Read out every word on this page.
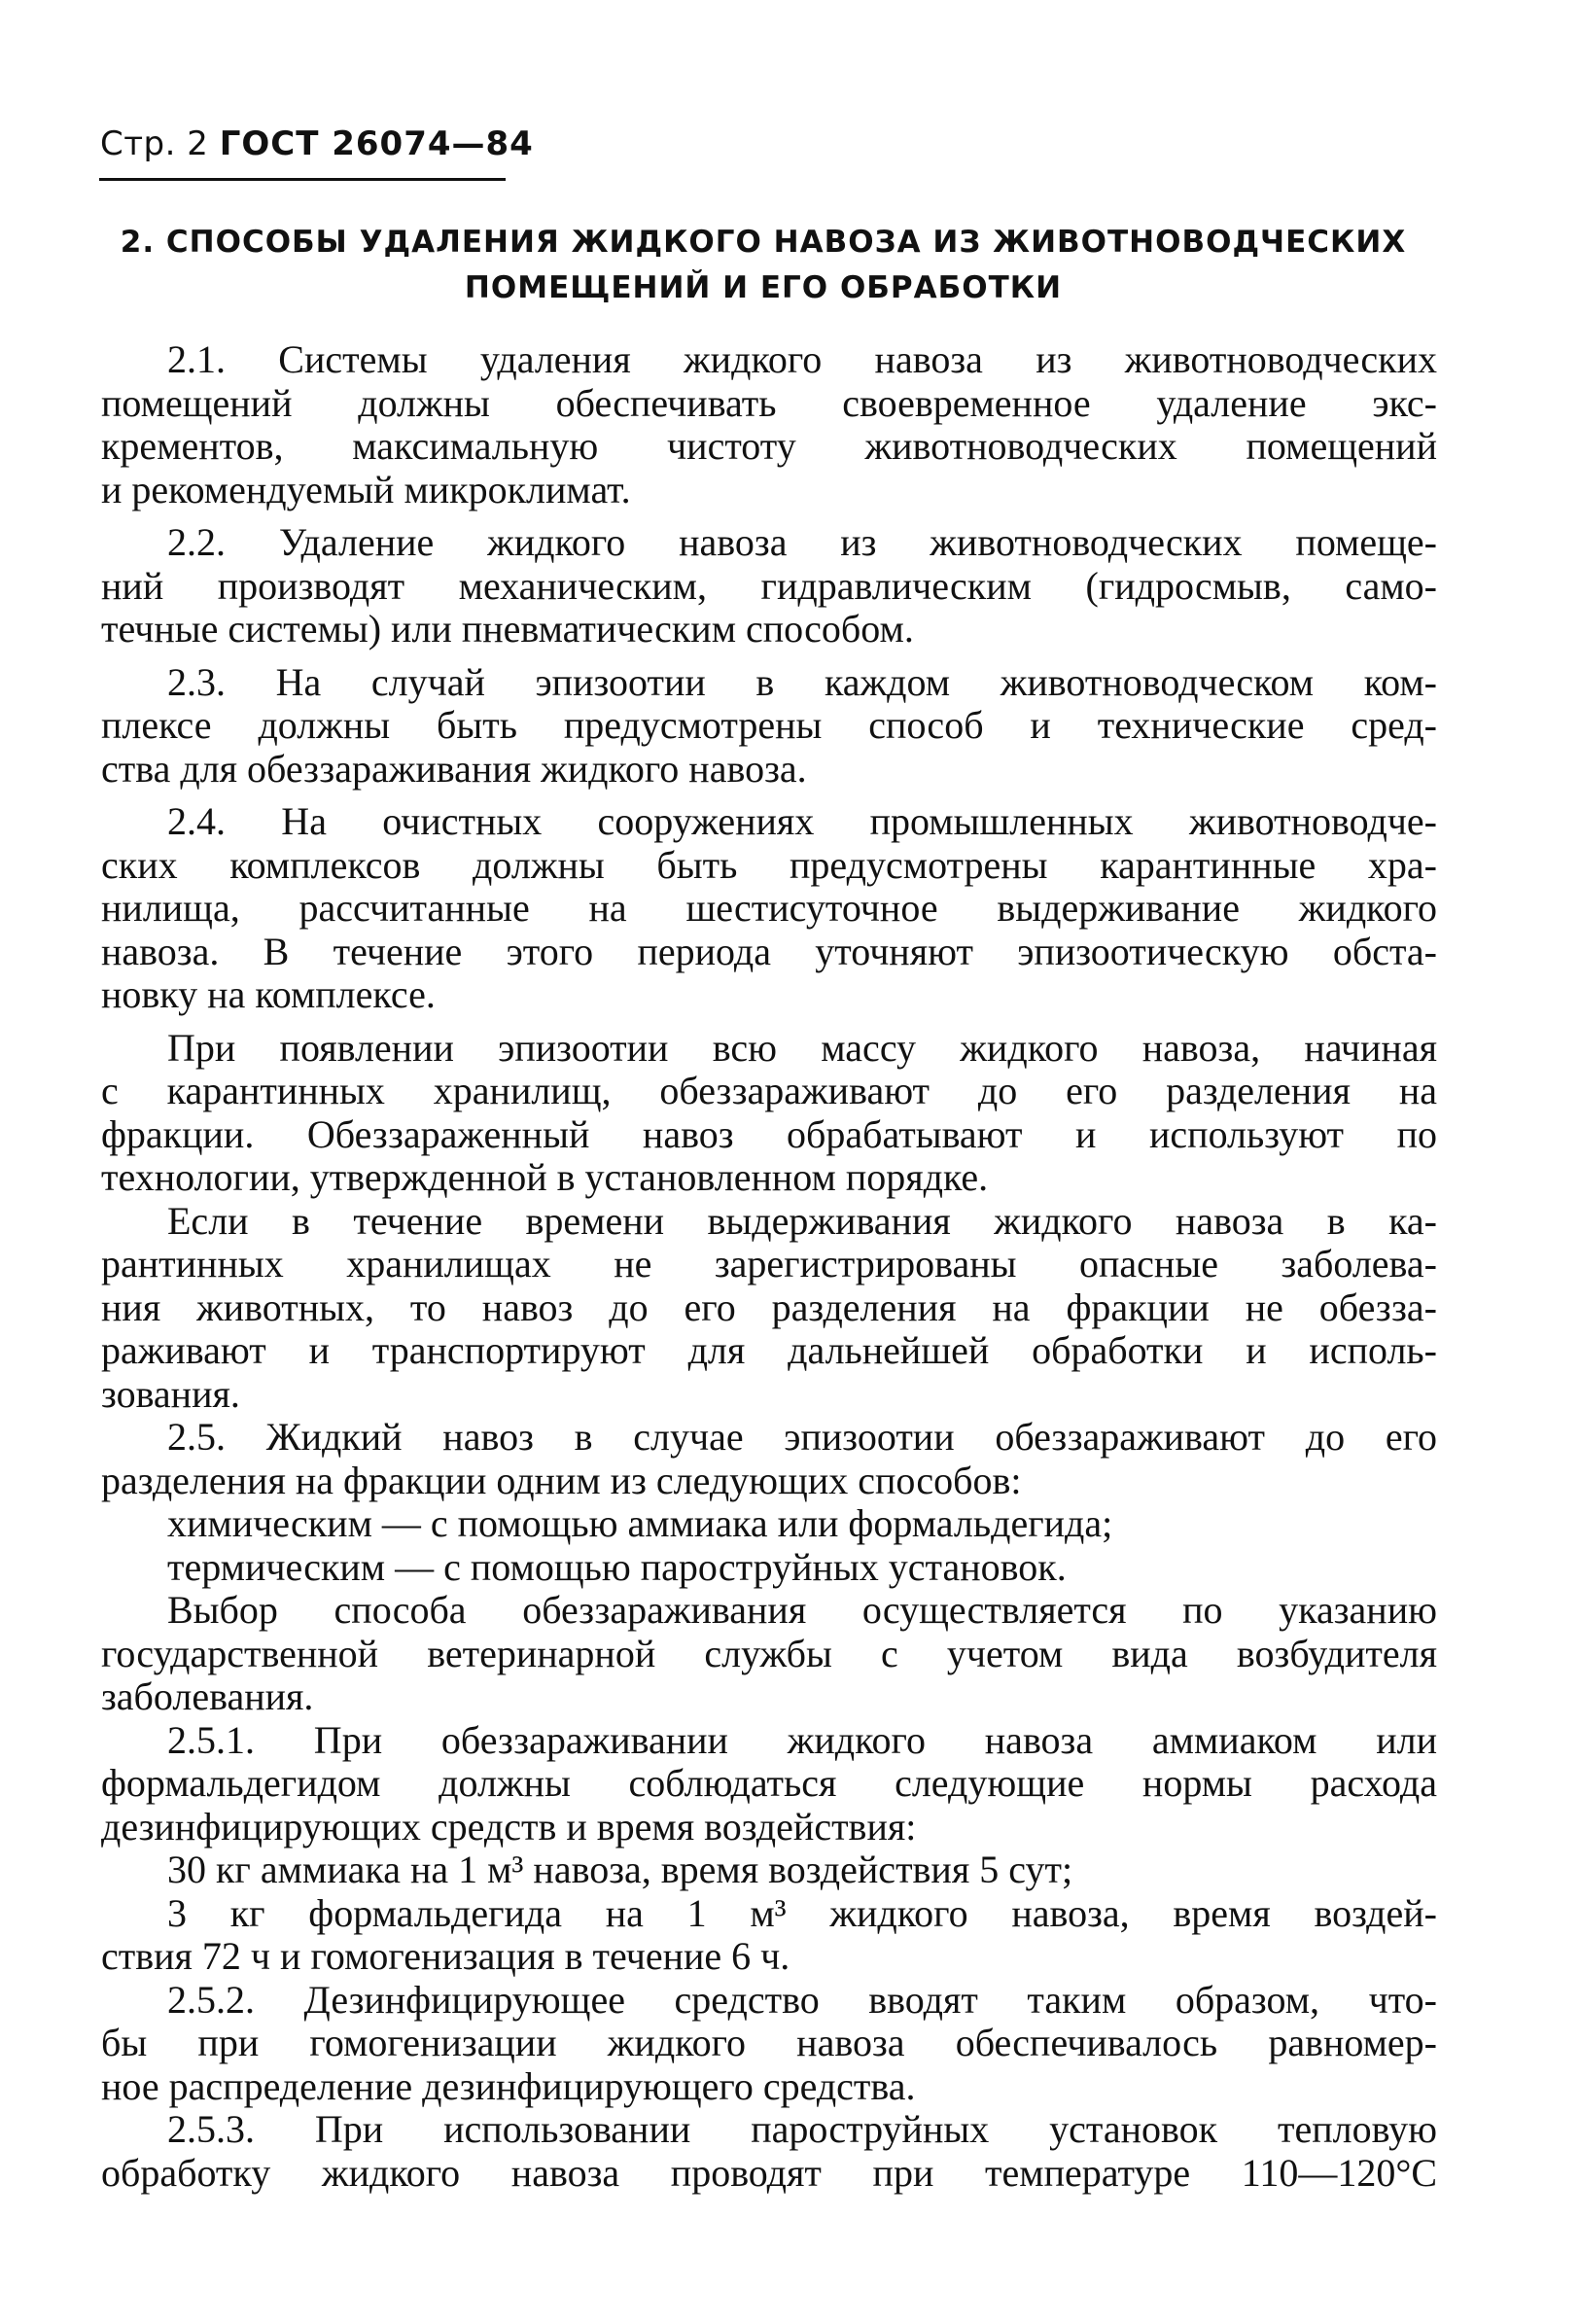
Стр. 2 ГОСТ 26074—84
2. СПОСОБЫ УДАЛЕНИЯ ЖИДКОГО НАВОЗА ИЗ ЖИВОТНОВОДЧЕСКИХ
ПОМЕЩЕНИЙ И ЕГО ОБРАБОТКИ
2.1. Системы удаления жидкого навоза из животноводческих
помещений должны обеспечивать своевременное удаление экс-
крементов, максимальную чистоту животноводческих помещений
и рекомендуемый микроклимат.
2.2. Удаление жидкого навоза из животноводческих помеще-
ний производят механическим, гидравлическим (гидросмыв, само-
течные системы) или пневматическим способом.
2.3. На случай эпизоотии в каждом животноводческом ком-
плексе должны быть предусмотрены способ и технические сред-
ства для обеззараживания жидкого навоза.
2.4. На очистных сооружениях промышленных животноводче-
ских комплексов должны быть предусмотрены карантинные хра-
нилища, рассчитанные на шестисуточное выдерживание жидкого
навоза. В течение этого периода уточняют эпизоотическую обста-
новку на комплексе.
При появлении эпизоотии всю массу жидкого навоза, начиная
с карантинных хранилищ, обеззараживают до его разделения на
фракции. Обеззараженный навоз обрабатывают и используют по
технологии, утвержденной в установленном порядке.
Если в течение времени выдерживания жидкого навоза в ка-
рантинных хранилищах не зарегистрированы опасные заболева-
ния животных, то навоз до его разделения на фракции не обезза-
раживают и транспортируют для дальнейшей обработки и исполь-
зования.
2.5. Жидкий навоз в случае эпизоотии обеззараживают до его
разделения на фракции одним из следующих способов:
химическим — с помощью аммиака или формальдегида;
термическим — с помощью пароструйных установок.
Выбор способа обеззараживания осуществляется по указанию
государственной ветеринарной службы с учетом вида возбудителя
заболевания.
2.5.1. При обеззараживании жидкого навоза аммиаком или
формальдегидом должны соблюдаться следующие нормы расхода
дезинфицирующих средств и время воздействия:
30 кг аммиака на 1 м³ навоза, время воздействия 5 сут;
3 кг формальдегида на 1 м³ жидкого навоза, время воздей-
ствия 72 ч и гомогенизация в течение 6 ч.
2.5.2. Дезинфицирующее средство вводят таким образом, что-
бы при гомогенизации жидкого навоза обеспечивалось равномер-
ное распределение дезинфицирующего средства.
2.5.3. При использовании пароструйных установок тепловую
обработку жидкого навоза проводят при температуре 110—120°С
